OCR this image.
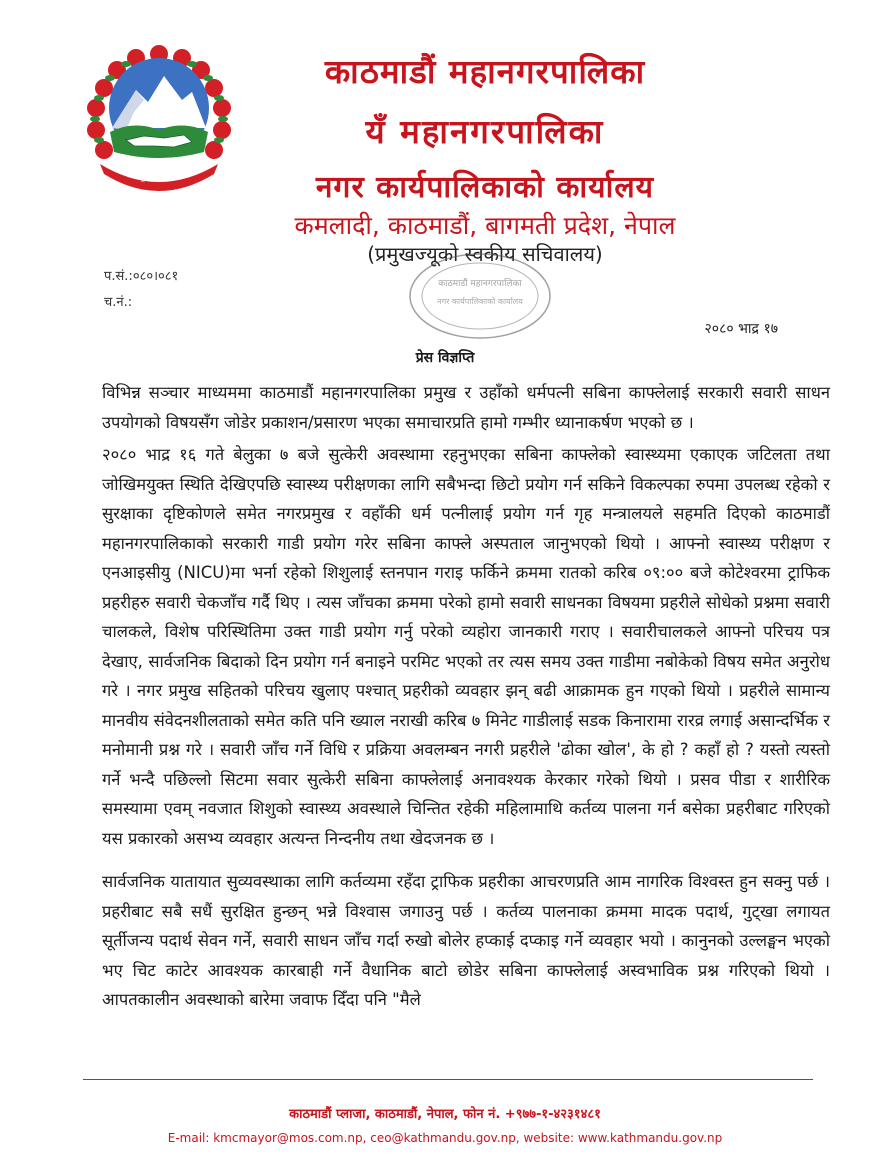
जननी जन्मभूमिश्च स्वर्गादपि गरीयसी
काठमाडौं महानगरपालिका
यँ महानगरपालिका
नगर कार्यपालिकाको कार्यालय
कमलादी, काठमाडौं, बागमती प्रदेश, नेपाल
(प्रमुखज्यूको स्वकीय सचिवालय)
काठमाडौं महानगरपालिका
नगर कार्यपालिकाको कार्यालय
प.सं.:०८०।०८१
च.नं.:
२०८० भाद्र १७
प्रेस विज्ञप्ति

विभिन्न सञ्चार माध्यममा काठमाडौं महानगरपालिका प्रमुख र उहाँको धर्मपत्नी सबिना काफ्लेलाई सरकारी सवारी साधन उपयोगको विषयसँग जोडेर प्रकाशन/प्रसारण भएका समाचारप्रति हामो गम्भीर ध्यानाकर्षण भएको छ ।

२०८० भाद्र १६ गते बेलुका ७ बजे सुत्केरी अवस्थामा रहनुभएका सबिना काफ्लेको स्वास्थ्यमा एकाएक जटिलता तथा जोखिमयुक्त स्थिति देखिएपछि स्वास्थ्य परीक्षणका लागि सबैभन्दा छिटो प्रयोग गर्न सकिने विकल्पका रुपमा उपलब्ध रहेको र सुरक्षाका दृष्टिकोणले समेत नगरप्रमुख र वहाँकी धर्म पत्नीलाई प्रयोग गर्न गृह मन्त्रालयले सहमति दिएको काठमाडौं महानगरपालिकाको सरकारी गाडी प्रयोग गरेर सबिना काफ्ले अस्पताल जानुभएको थियो । आफ्नो स्वास्थ्य परीक्षण र एनआइसीयु (NICU)मा भर्ना रहेको शिशुलाई स्तनपान गराइ फर्किने क्रममा रातको करिब ०९:०० बजे कोटेश्वरमा ट्राफिक प्रहरीहरु सवारी चेकजाँच गर्दै थिए । त्यस जाँचका क्रममा परेको हामो सवारी साधनका विषयमा प्रहरीले सोधेको प्रश्नमा सवारी चालकले, विशेष परिस्थितिमा उक्त गाडी प्रयोग गर्नु परेको व्यहोरा जानकारी गराए । सवारीचालकले आफ्नो परिचय पत्र देखाए, सार्वजनिक बिदाको दिन प्रयोग गर्न बनाइने परमिट भएको तर त्यस समय उक्त गाडीमा नबोकेको विषय समेत अनुरोध गरे । नगर प्रमुख सहितको परिचय खुलाए पश्चात् प्रहरीको व्यवहार झन् बढी आक्रामक हुन गएको थियो । प्रहरीले सामान्य मानवीय संवेदनशीलताको समेत कति पनि ख्याल नराखी करिब ७ मिनेट गाडीलाई सडक किनारामा रारव्र लगाई असान्दर्भिक र मनोमानी प्रश्न गरे । सवारी जाँच गर्ने विधि र प्रक्रिया अवलम्बन नगरी प्रहरीले 'ढोका खोल', के हो ? कहाँ हो ? यस्तो त्यस्तो गर्ने भन्दै पछिल्लो सिटमा सवार सुत्केरी सबिना काफ्लेलाई अनावश्यक केरकार गरेको थियो । प्रसव पीडा र शारीरिक समस्यामा एवम् नवजात शिशुको स्वास्थ्य अवस्थाले चिन्तित रहेकी महिलामाथि कर्तव्य पालना गर्न बसेका प्रहरीबाट गरिएको यस प्रकारको असभ्य व्यवहार अत्यन्त निन्दनीय तथा खेदजनक छ ।

सार्वजनिक यातायात सुव्यवस्थाका लागि कर्तव्यमा रहँदा ट्राफिक प्रहरीका आचरणप्रति आम नागरिक विश्वस्त हुन सक्नु पर्छ । प्रहरीबाट सबै सधैं सुरक्षित हुन्छन् भन्ने विश्वास जगाउनु पर्छ । कर्तव्य पालनाका क्रममा मादक पदार्थ, गुट्खा लगायत सूर्तीजन्य पदार्थ सेवन गर्ने, सवारी साधन जाँच गर्दा रुखो बोलेर हप्काई दप्काइ गर्ने व्यवहार भयो । कानुनको उल्लङ्घन भएको भए चिट काटेर आवश्यक कारबाही गर्ने वैधानिक बाटो छोडेर सबिना काफ्लेलाई अस्वभाविक प्रश्न गरिएको थियो । आपतकालीन अवस्थाको बारेमा जवाफ दिँदा पनि "मैले

काठमाडौं प्लाजा, काठमाडौं, नेपाल, फोन नं. +९७७-१-४२३१४८१
E-mail: kmcmayor@mos.com.np, ceo@kathmandu.gov.np, website: www.kathmandu.gov.np
